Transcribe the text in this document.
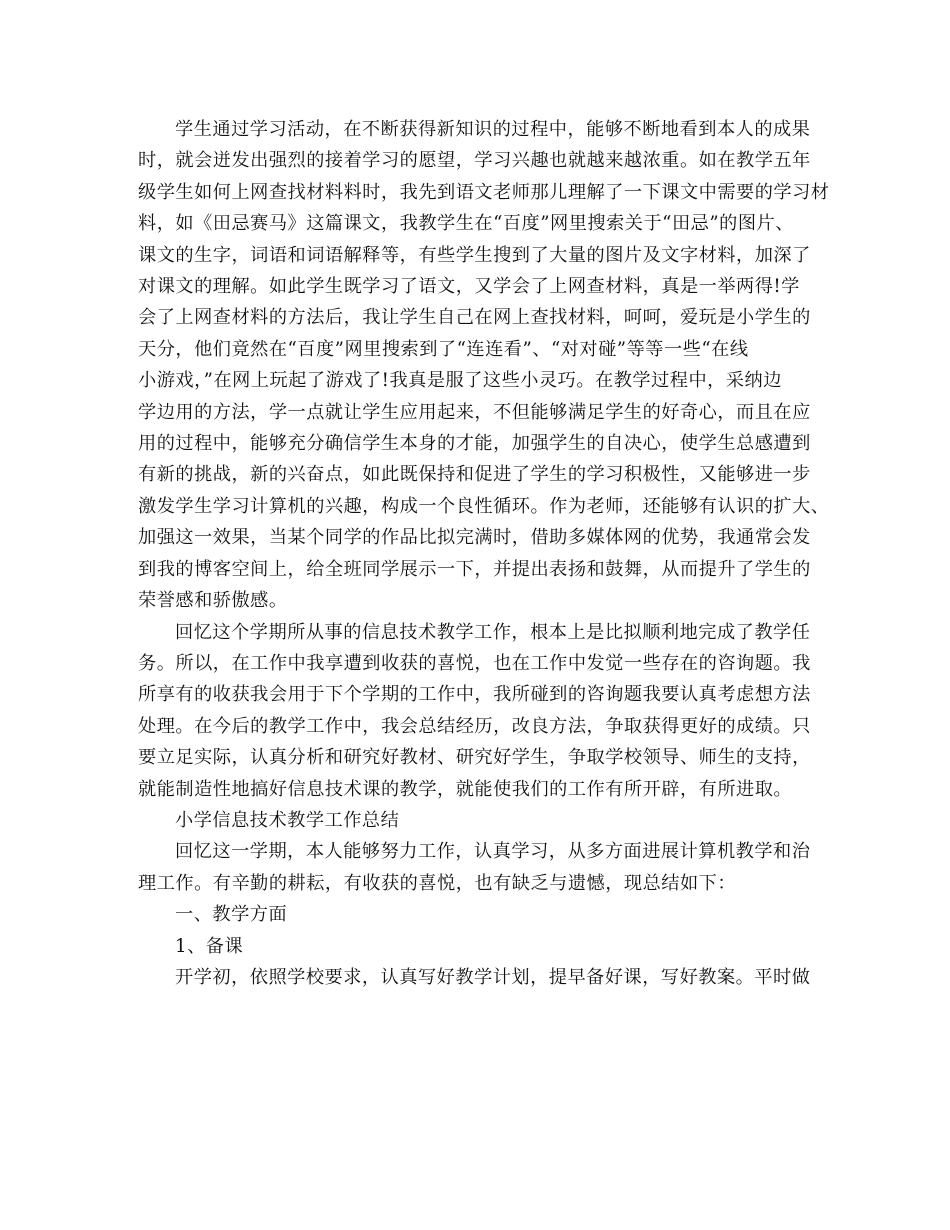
学生通过学习活动，在不断获得新知识的过程中，能够不断地看到本人的成果
时，就会迸发出强烈的接着学习的愿望，学习兴趣也就越来越浓重。如在教学五年
级学生如何上网查找材料料时，我先到语文老师那儿理解了一下课文中需要的学习材
料，如《田忌赛马》这篇课文，我教学生在“百度”网里搜索关于“田忌”的图片、
课文的生字，词语和词语解释等，有些学生搜到了大量的图片及文字材料，加深了
对课文的理解。如此学生既学习了语文，又学会了上网查材料，真是一举两得!学
会了上网查材料的方法后，我让学生自己在网上查找材料，呵呵，爱玩是小学生的
天分，他们竟然在“百度”网里搜索到了“连连看”、“对对碰”等等一些“在线
小游戏，”在网上玩起了游戏了!我真是服了这些小灵巧。在教学过程中，采纳边
学边用的方法，学一点就让学生应用起来，不但能够满足学生的好奇心，而且在应
用的过程中，能够充分确信学生本身的才能，加强学生的自决心，使学生总感遭到
有新的挑战，新的兴奋点，如此既保持和促进了学生的学习积极性，又能够进一步
激发学生学习计算机的兴趣，构成一个良性循环。作为老师，还能够有认识的扩大、
加强这一效果，当某个同学的作品比拟完满时，借助多媒体网的优势，我通常会发
到我的博客空间上，给全班同学展示一下，并提出表扬和鼓舞，从而提升了学生的
荣誉感和骄傲感。
回忆这个学期所从事的信息技术教学工作，根本上是比拟顺利地完成了教学任
务。所以，在工作中我享遭到收获的喜悦，也在工作中发觉一些存在的咨询题。我
所享有的收获我会用于下个学期的工作中，我所碰到的咨询题我要认真考虑想方法
处理。在今后的教学工作中，我会总结经历，改良方法，争取获得更好的成绩。只
要立足实际，认真分析和研究好教材、研究好学生，争取学校领导、师生的支持，
就能制造性地搞好信息技术课的教学，就能使我们的工作有所开辟，有所进取。
小学信息技术教学工作总结
回忆这一学期，本人能够努力工作，认真学习，从多方面进展计算机教学和治
理工作。有辛勤的耕耘，有收获的喜悦，也有缺乏与遗憾，现总结如下：
一、教学方面
1、备课
开学初，依照学校要求，认真写好教学计划，提早备好课，写好教案。平时做
